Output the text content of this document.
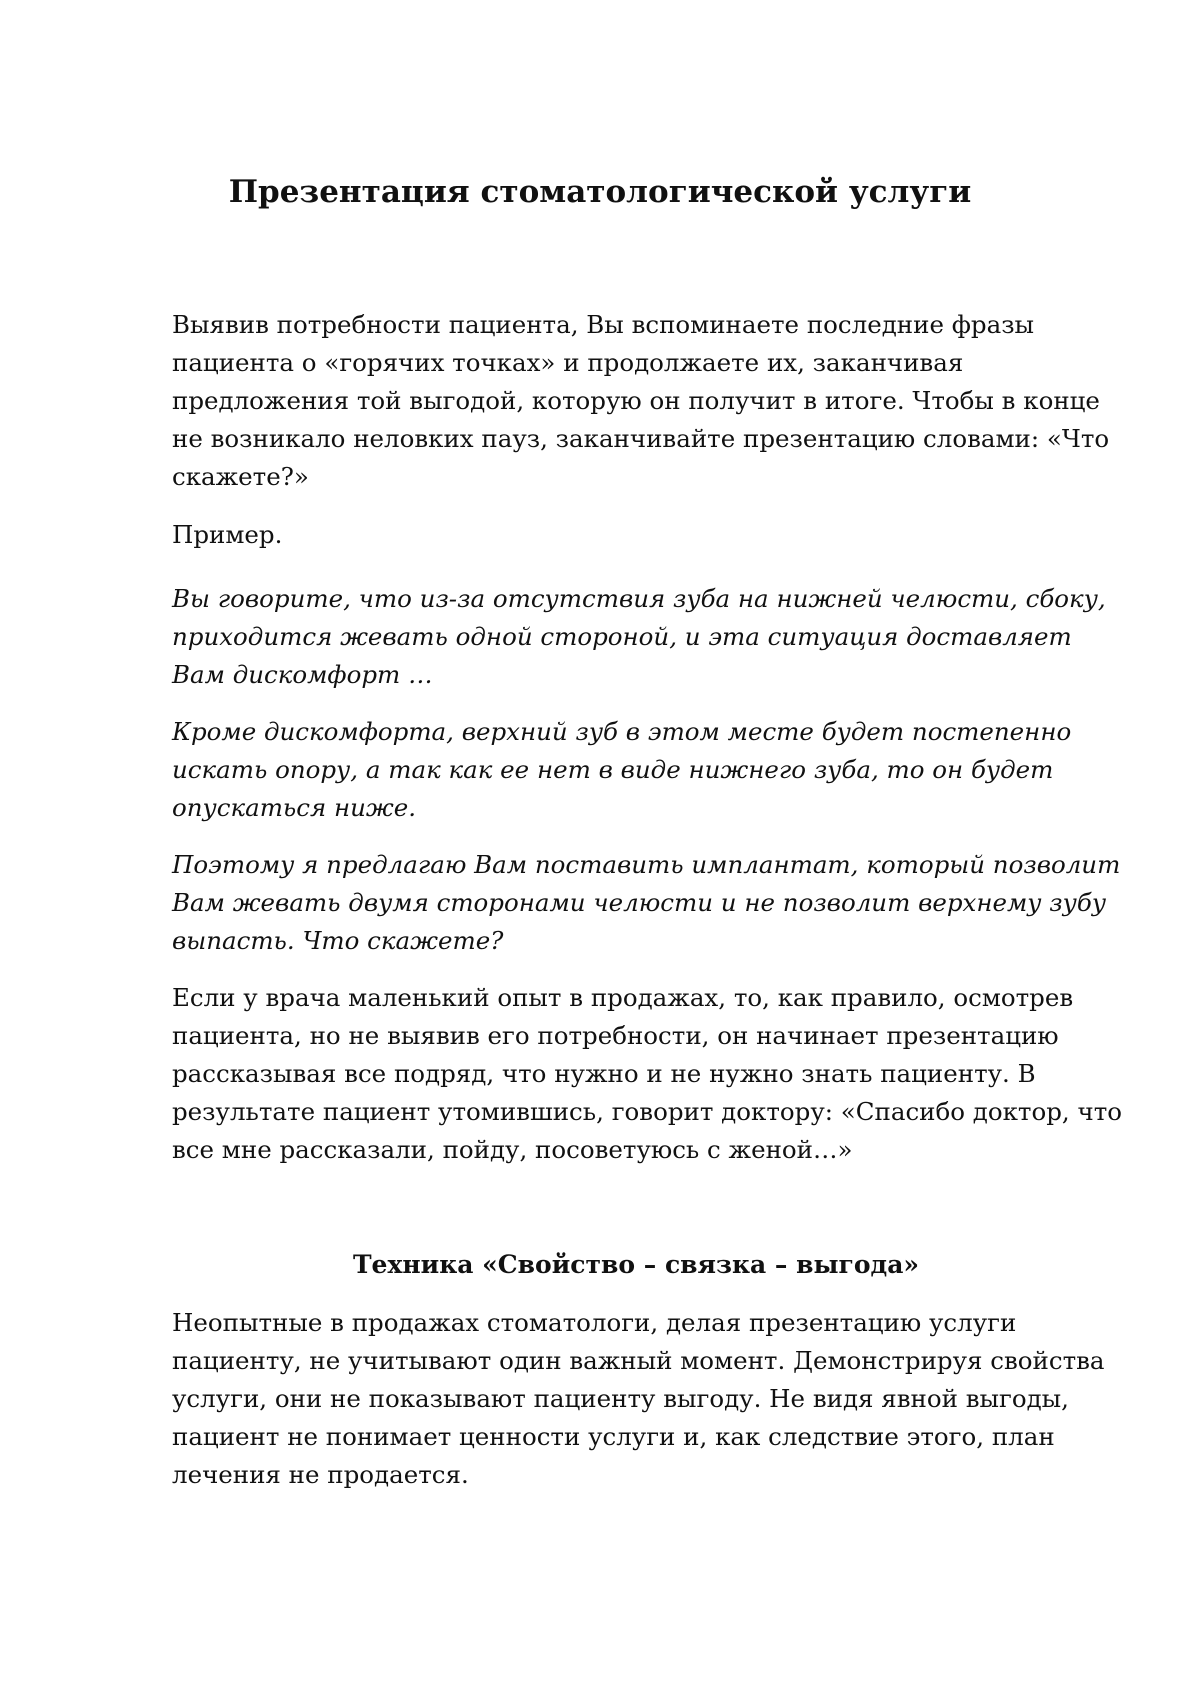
Презентация стоматологической услуги

Выявив потребности пациента, Вы вспоминаете последние фразы пациента о «горячих точках» и продолжаете их, заканчивая предложения той выгодой, которую он получит в итоге. Чтобы в конце не возникало неловких пауз, заканчивайте презентацию словами: «Что скажете?»

Пример.

Вы говорите, что из-за отсутствия зуба на нижней челюсти, сбоку, приходится жевать одной стороной, и эта ситуация доставляет Вам дискомфорт …

Кроме дискомфорта, верхний зуб в этом месте будет постепенно искать опору, а так как ее нет в виде нижнего зуба, то он будет опускаться ниже.

Поэтому я предлагаю Вам поставить имплантат, который позволит Вам жевать двумя сторонами челюсти и не позволит верхнему зубу выпасть. Что скажете?

Если у врача маленький опыт в продажах, то, как правило, осмотрев пациента, но не выявив его потребности, он начинает презентацию рассказывая все подряд, что нужно и не нужно знать пациенту. В результате пациент утомившись, говорит доктору: «Спасибо доктор, что все мне рассказали, пойду, посоветуюсь с женой…»

Техника «Свойство – связка – выгода»

Неопытные в продажах стоматологи, делая презентацию услуги пациенту, не учитывают один важный момент. Демонстрируя свойства услуги, они не показывают пациенту выгоду. Не видя явной выгоды, пациент не понимает ценности услуги и, как следствие этого, план лечения не продается.
